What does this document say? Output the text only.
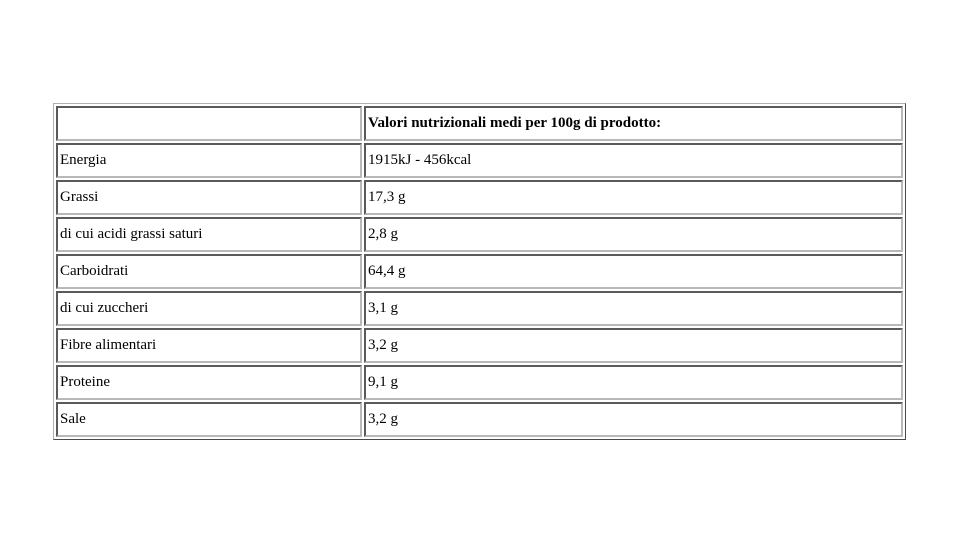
	Valori nutrizionali medi per 100g di prodotto:
Energia	1915kJ - 456kcal
Grassi	17,3 g
di cui acidi grassi saturi	2,8 g
Carboidrati	64,4 g
di cui zuccheri	3,1 g
Fibre alimentari	3,2 g
Proteine	9,1 g
Sale	3,2 g
